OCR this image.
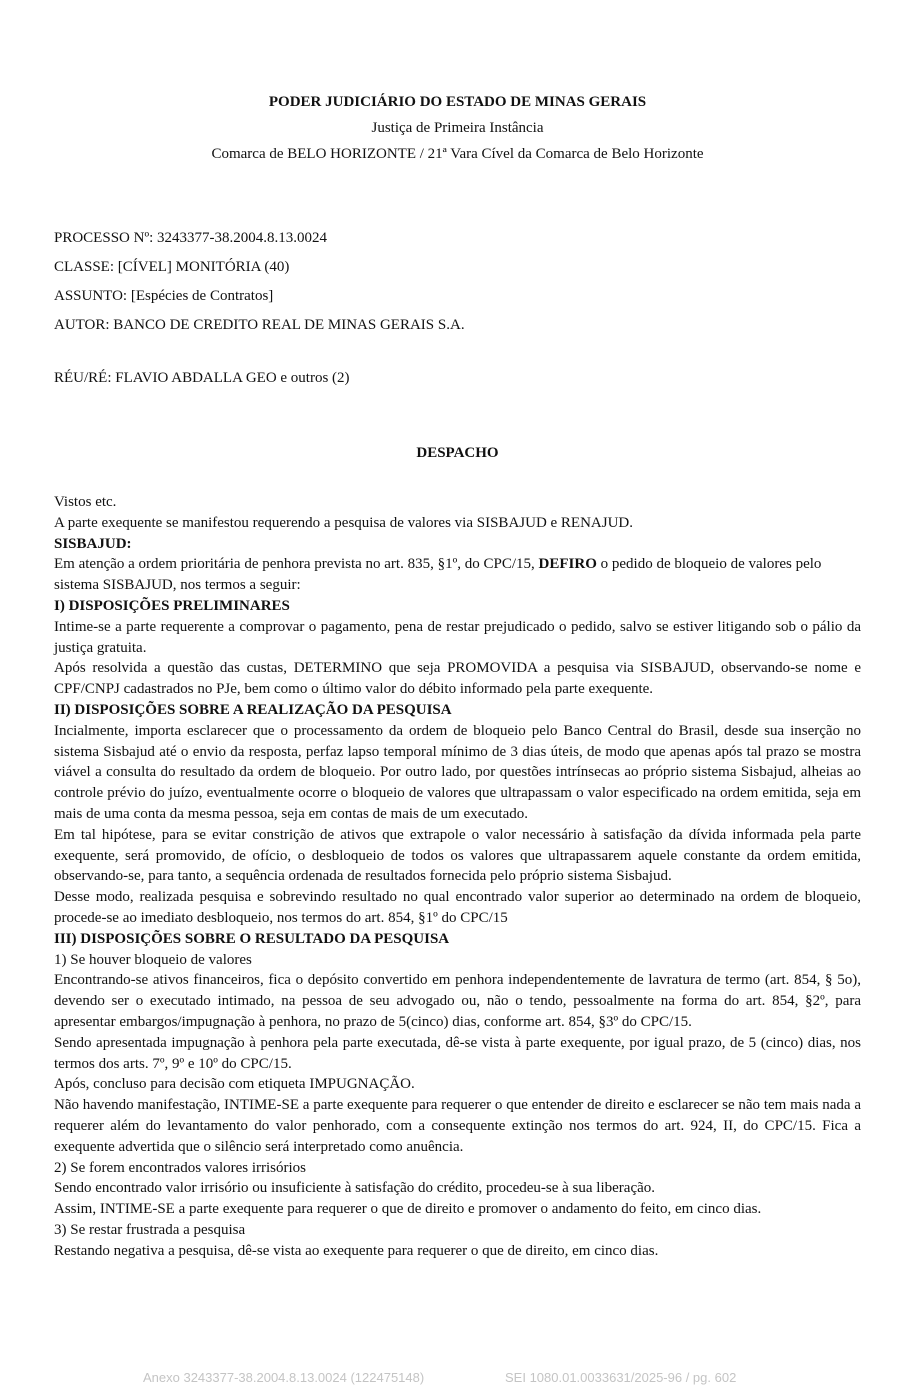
PODER JUDICIÁRIO DO ESTADO DE MINAS GERAIS
Justiça de Primeira Instância
Comarca de BELO HORIZONTE / 21ª Vara Cível da Comarca de Belo Horizonte
PROCESSO Nº: 3243377-38.2004.8.13.0024
CLASSE: [CÍVEL] MONITÓRIA (40)
ASSUNTO: [Espécies de Contratos]
AUTOR: BANCO DE CREDITO REAL DE MINAS GERAIS S.A.
RÉU/RÉ: FLAVIO ABDALLA GEO e outros (2)
DESPACHO

Vistos etc.

A parte exequente se manifestou requerendo a pesquisa de valores via SISBAJUD e RENAJUD.

SISBAJUD:

Em atenção a ordem prioritária de penhora prevista no art. 835, §1º, do CPC/15, DEFIRO o pedido de bloqueio de valores pelo sistema SISBAJUD, nos termos a seguir:

I) DISPOSIÇÕES PRELIMINARES

Intime-se a parte requerente a comprovar o pagamento, pena de restar prejudicado o pedido, salvo se estiver litigando sob o pálio da justiça gratuita.

Após resolvida a questão das custas, DETERMINO que seja PROMOVIDA a pesquisa via SISBAJUD, observando-se nome e CPF/CNPJ cadastrados no PJe, bem como o último valor do débito informado pela parte exequente.

II) DISPOSIÇÕES SOBRE A REALIZAÇÃO DA PESQUISA

Incialmente, importa esclarecer que o processamento da ordem de bloqueio pelo Banco Central do Brasil, desde sua inserção no sistema Sisbajud até o envio da resposta, perfaz lapso temporal mínimo de 3 dias úteis, de modo que apenas após tal prazo se mostra viável a consulta do resultado da ordem de bloqueio. Por outro lado, por questões intrínsecas ao próprio sistema Sisbajud, alheias ao controle prévio do juízo, eventualmente ocorre o bloqueio de valores que ultrapassam o valor especificado na ordem emitida, seja em mais de uma conta da mesma pessoa, seja em contas de mais de um executado.

Em tal hipótese, para se evitar constrição de ativos que extrapole o valor necessário à satisfação da dívida informada pela parte exequente, será promovido, de ofício, o desbloqueio de todos os valores que ultrapassarem aquele constante da ordem emitida, observando-se, para tanto, a sequência ordenada de resultados fornecida pelo próprio sistema Sisbajud.

Desse modo, realizada pesquisa e sobrevindo resultado no qual encontrado valor superior ao determinado na ordem de bloqueio, procede-se ao imediato desbloqueio, nos termos do art. 854, §1º do CPC/15

III) DISPOSIÇÕES SOBRE O RESULTADO DA PESQUISA

1) Se houver bloqueio de valores

Encontrando-se ativos financeiros, fica o depósito convertido em penhora independentemente de lavratura de termo (art. 854, § 5o), devendo ser o executado intimado, na pessoa de seu advogado ou, não o tendo, pessoalmente na forma do art. 854, §2º, para apresentar embargos/impugnação à penhora, no prazo de 5(cinco) dias, conforme art. 854, §3º do CPC/15.

Sendo apresentada impugnação à penhora pela parte executada, dê-se vista à parte exequente, por igual prazo, de 5 (cinco) dias, nos termos dos arts. 7º, 9º e 10º do CPC/15.

Após, concluso para decisão com etiqueta IMPUGNAÇÃO.

Não havendo manifestação, INTIME-SE a parte exequente para requerer o que entender de direito e esclarecer se não tem mais nada a requerer além do levantamento do valor penhorado, com a consequente extinção nos termos do art. 924, II, do CPC/15. Fica a exequente advertida que o silêncio será interpretado como anuência.

2) Se forem encontrados valores irrisórios

Sendo encontrado valor irrisório ou insuficiente à satisfação do crédito, procedeu-se à sua liberação.

Assim, INTIME-SE a parte exequente para requerer o que de direito e promover o andamento do feito, em cinco dias.

3) Se restar frustrada a pesquisa

Restando negativa a pesquisa, dê-se vista ao exequente para requerer o que de direito, em cinco dias.

Anexo 3243377-38.2004.8.13.0024 (122475148)	SEI 1080.01.0033631/2025-96 / pg. 602
